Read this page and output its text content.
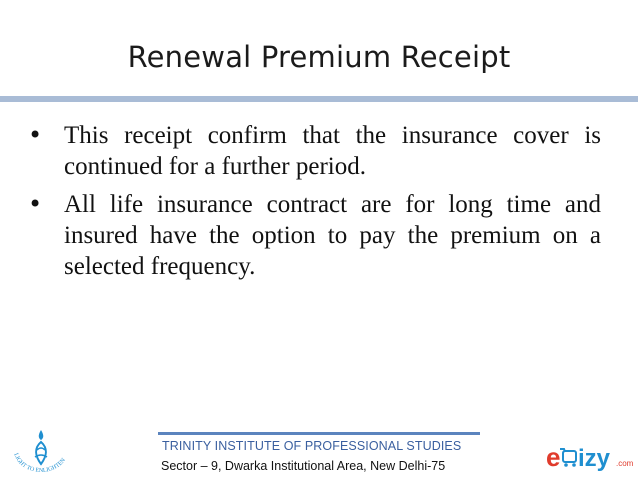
Renewal Premium Receipt
• This receipt confirm that the insurance cover is continued for a further period.
• All life insurance contract are for long time and insured have the option to pay the premium on a selected frequency.
LIGHT TO ENLIGHTEN
TRINITY INSTITUTE OF PROFESSIONAL STUDIES
Sector – 9, Dwarka Institutional Area, New Delhi-75	e izy .com
